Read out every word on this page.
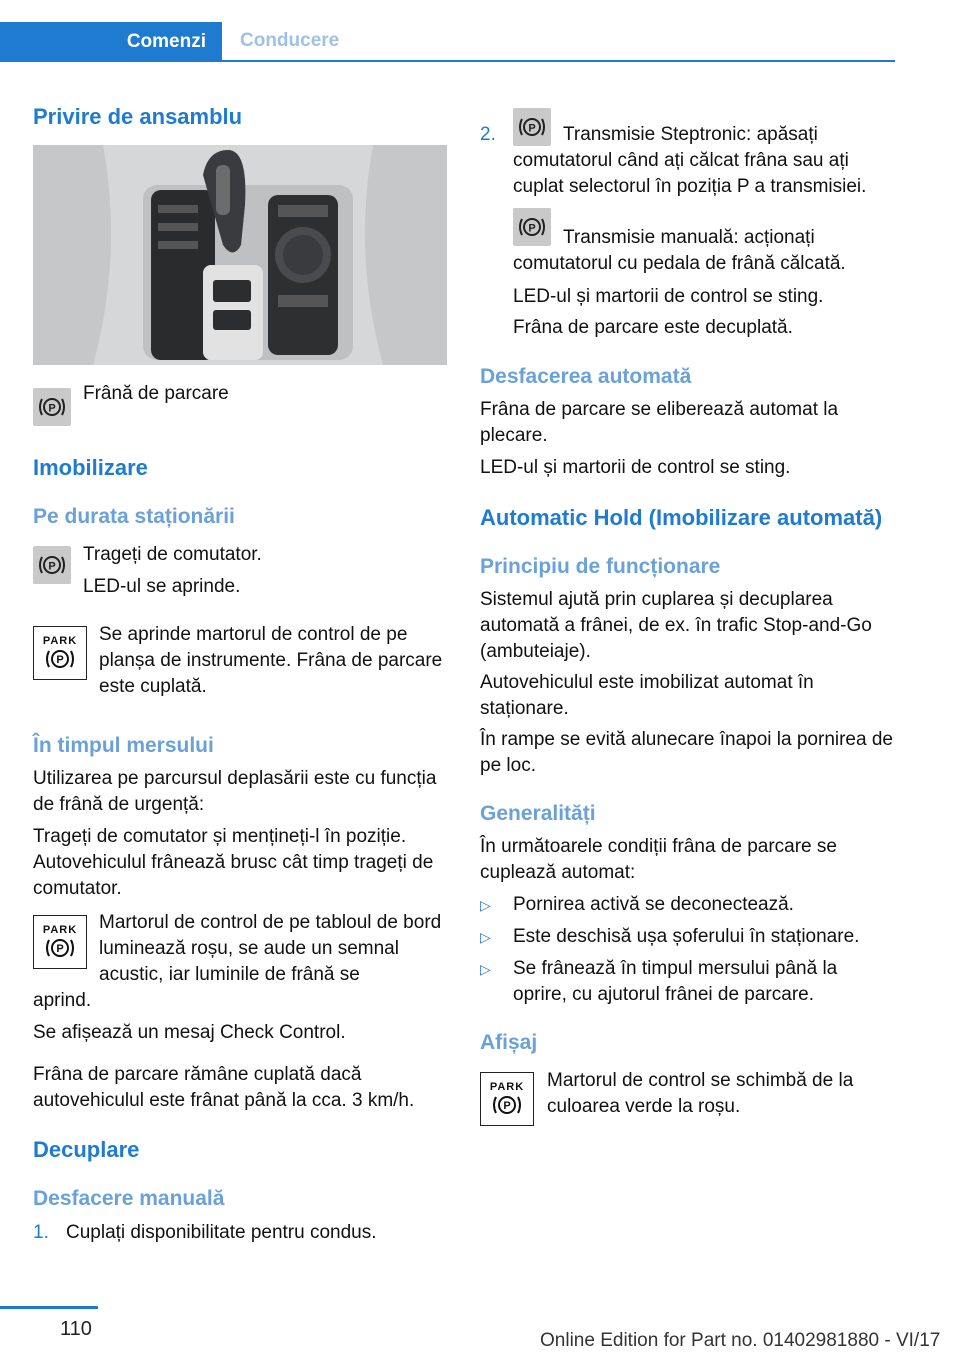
Comenzi	Conducere
Privire de ansamblu
P
Frână de parcare
Imobilizare
Pe durata staționării
P
Trageți de comutator.
LED-ul se aprinde.
PARK
P
Se aprinde martorul de control de pe planșa de instrumente. Frâna de parcare este cuplată.
În timpul mersului
Utilizarea pe parcursul deplasării este cu funcția de frână de urgență:
Trageți de comutator și mențineți-l în poziție. Autovehiculul frânează brusc cât timp trageți de comutator.
PARK
P
Martorul de control de pe tabloul de bord luminează roșu, se aude un semnal acustic, iar luminile de frână se
aprind.
Se afișează un mesaj Check Control.
Frâna de parcare rămâne cuplată dacă autovehiculul este frânat până la cca. 3 km/h.
Decuplare
Desfacere manuală
1. Cuplați disponibilitate pentru condus.
2.	P	Transmisie Steptronic: apăsați comutatorul când ați călcat frâna sau ați cuplat selectorul în poziția P a transmisiei.
P	Transmisie manuală: acționați comutatorul cu pedala de frână călcată.
LED-ul și martorii de control se sting.
Frâna de parcare este decuplată.
Desfacerea automată
Frâna de parcare se eliberează automat la plecare.
LED-ul și martorii de control se sting.
Automatic Hold (Imobilizare automată)
Principiu de funcționare
Sistemul ajută prin cuplarea și decuplarea automată a frânei, de ex. în trafic Stop-and-Go (ambuteiaje).
Autovehiculul este imobilizat automat în staționare.
În rampe se evită alunecare înapoi la pornirea de pe loc.
Generalități
În următoarele condiții frâna de parcare se cuplează automat:
▷	Pornirea activă se deconectează.
▷	Este deschisă ușa șoferului în staționare.
▷	Se frânează în timpul mersului până la oprire, cu ajutorul frânei de parcare.
Afișaj
PARK
P
Martorul de control se schimbă de la culoarea verde la roșu.
110
Online Edition for Part no. 01402981880 - VI/17
